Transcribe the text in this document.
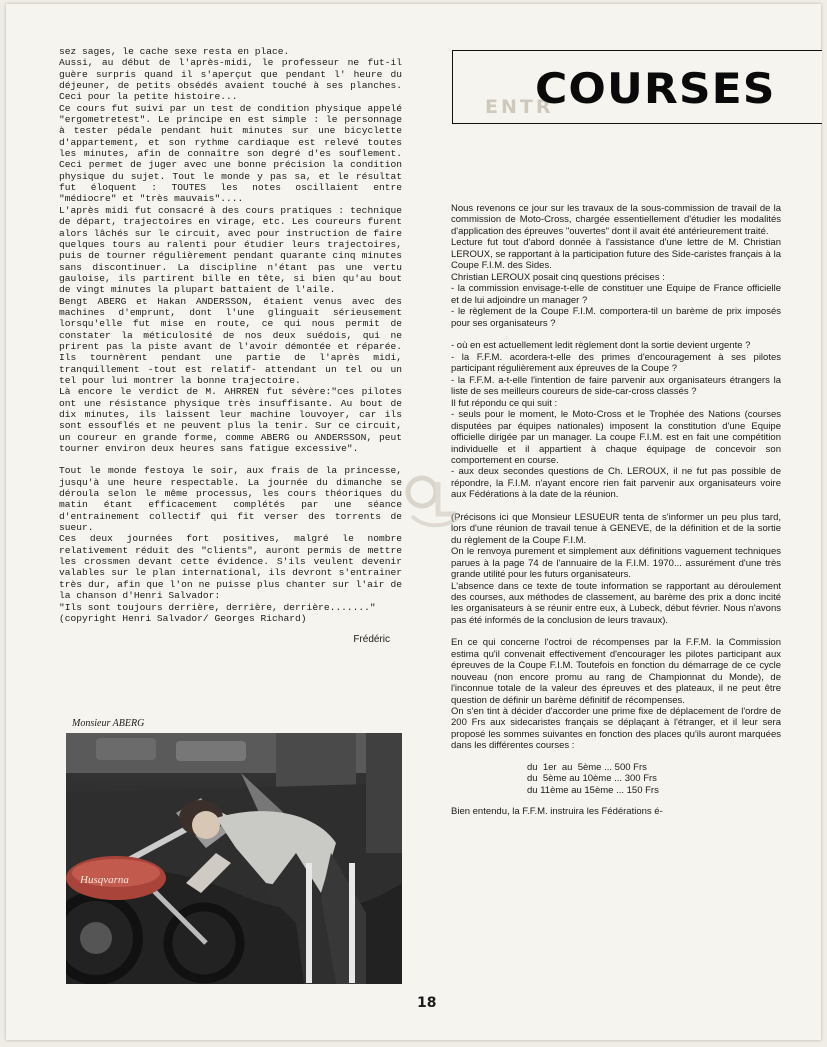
sez sages, le cache sexe resta en place.
Aussi, au début de l'après-midi, le professeur ne fut-il guère surpris quand il s'aperçut que pendant l' heure du déjeuner, de petits obsédés avaient touché à ses planches. Ceci pour la petite histoire...

Ce cours fut suivi par un test de condition physique appelé "ergometretest". Le principe en est simple : le personnage à tester pédale pendant huit minutes sur une bicyclette d'appartement, et son rythme cardiaque est relevé toutes les minutes, afin de connaître son degré d'es souflement. Ceci permet de juger avec une bonne précision la condition physique du sujet. Tout le monde y pas sa, et le résultat fut éloquent : TOUTES les notes oscillaient entre "médiocre" et "très mauvais"....

L'après midi fut consacré à des cours pratiques : technique de départ, trajectoires en virage, etc. Les coureurs furent alors lâchés sur le circuit, avec pour instruction de faire quelques tours au ralenti pour étudier leurs trajectoires, puis de tourner régulièrement pendant quarante cinq minutes sans discontinuer. La discipline n'étant pas une vertu gauloise, ils partirent bille en tête, si bien qu'au bout de vingt minutes la plupart battaient de l'aile.

Bengt ABERG et Hakan ANDERSSON, étaient venus avec des machines d'emprunt, dont l'une glinguait sérieusement lorsqu'elle fut mise en route, ce qui nous permit de constater la méticulosité de nos deux suédois, qui ne prirent pas la piste avant de l'avoir démontée et réparée. Ils tournèrent pendant une partie de l'après midi, tranquillement -tout est relatif- attendant un tel ou un tel pour lui montrer la bonne trajectoire.

Là encore le verdict de M. AHRREN fut sévère:"ces pilotes ont une résistance physique très insuffisante. Au bout de dix minutes, ils laissent leur machine louvoyer, car ils sont essouflés et ne peuvent plus la tenir. Sur ce circuit, un coureur en grande forme, comme ABERG ou ANDERSSON, peut tourner environ deux heures sans fatigue excessive".

Tout le monde festoya le soir, aux frais de la princesse, jusqu'à une heure respectable. La journée du dimanche se déroula selon le même processus, les cours théoriques du matin étant efficacement complétés par une séance d'entrainement collectif qui fit verser des torrents de sueur.

Ces deux journées fort positives, malgré le nombre relativement réduit des "clients", auront permis de mettre les crossmen devant cette évidence. S'ils veulent devenir valables sur le plan international, ils devront s'entrainer très dur, afin que l'on ne puisse plus chanter sur l'air de la chanson d'Henri Salvador:
"Ils sont toujours derrière, derrière, derrière......."
(copyright Henri Salvador/ Georges Richard)

Frédéric

Monsieur ABERG
Husqvarna
ENTR
COURSES

Nous revenons ce jour sur les travaux de la sous-commission de travail de la commission de Moto-Cross, chargée essentiellement d'étudier les modalités d'application des épreuves "ouvertes" dont il avait été antérieurement traité.

Lecture fut tout d'abord donnée à l'assistance d'une lettre de M. Christian LEROUX, se rapportant à la participation future des Side-caristes français à la Coupe F.I.M. des Sides.

Christian LEROUX posait cinq questions précises :
- la commission envisage-t-elle de constituer une Equipe de France officielle et de lui adjoindre un manager ?
- le règlement de la Coupe F.I.M. comportera-til un barème de prix imposés pour ses organisateurs ?

- où en est actuellement ledit règlement dont la sortie devient urgente ?
- la F.F.M. acordera-t-elle des primes d'encouragement à ses pilotes participant régulièrement aux épreuves de la Coupe ?
- la F.F.M. a-t-elle l'intention de faire parvenir aux organisateurs étrangers la liste de ses meilleurs coureurs de side-car-cross classés ?

Il fut répondu ce qui suit :
- seuls pour le moment, le Moto-Cross et le Trophée des Nations (courses disputées par équipes nationales) imposent la constitution d'une Equipe officielle dirigée par un manager. La coupe F.I.M. est en fait une compétition individuelle et il appartient à chaque équipage de concevoir son comportement en course.
- aux deux secondes questions de Ch. LEROUX, il ne fut pas possible de répondre, la F.I.M. n'ayant encore rien fait parvenir aux organisateurs voire aux Fédérations à la date de la réunion.

(Précisons ici que Monsieur LESUEUR tenta de s'informer un peu plus tard, lors d'une réunion de travail tenue à GENEVE, de la définition et de la sortie du règlement de la Coupe F.I.M.

On le renvoya purement et simplement aux définitions vaguement techniques parues à la page 74 de l'annuaire de la F.I.M. 1970... assurément d'une très grande utilité pour les futurs organisateurs.

L'absence dans ce texte de toute information se rapportant au déroulement des courses, aux méthodes de classement, au barème des prix a donc incité les organisateurs à se réunir entre eux, à Lubeck, début février. Nous n'avons pas été informés de la conclusion de leurs travaux).

En ce qui concerne l'octroi de récompenses par la F.F.M. la Commission estima qu'il convenait effectivement d'encourager les pilotes participant aux épreuves de la Coupe F.I.M. Toutefois en fonction du démarrage de ce cycle nouveau (non encore promu au rang de Championnat du Monde), de l'inconnue totale de la valeur des épreuves et des plateaux, il ne peut être question de définir un barème définitif de récompenses.

On s'en tint à décider d'accorder une prime fixe de déplacement de l'ordre de 200 Frs aux sidecaristes français se déplaçant à l'étranger, et il leur sera proposé les sommes suivantes en fonction des places qu'ils auront marquées dans les différentes courses :

du  1er  au  5ème ... 500 Frs

du  5ème au 10ème ... 300 Frs

du 11ème au 15ème ... 150 Frs

Bien entendu, la F.F.M. instruira les Fédérations é-

18
